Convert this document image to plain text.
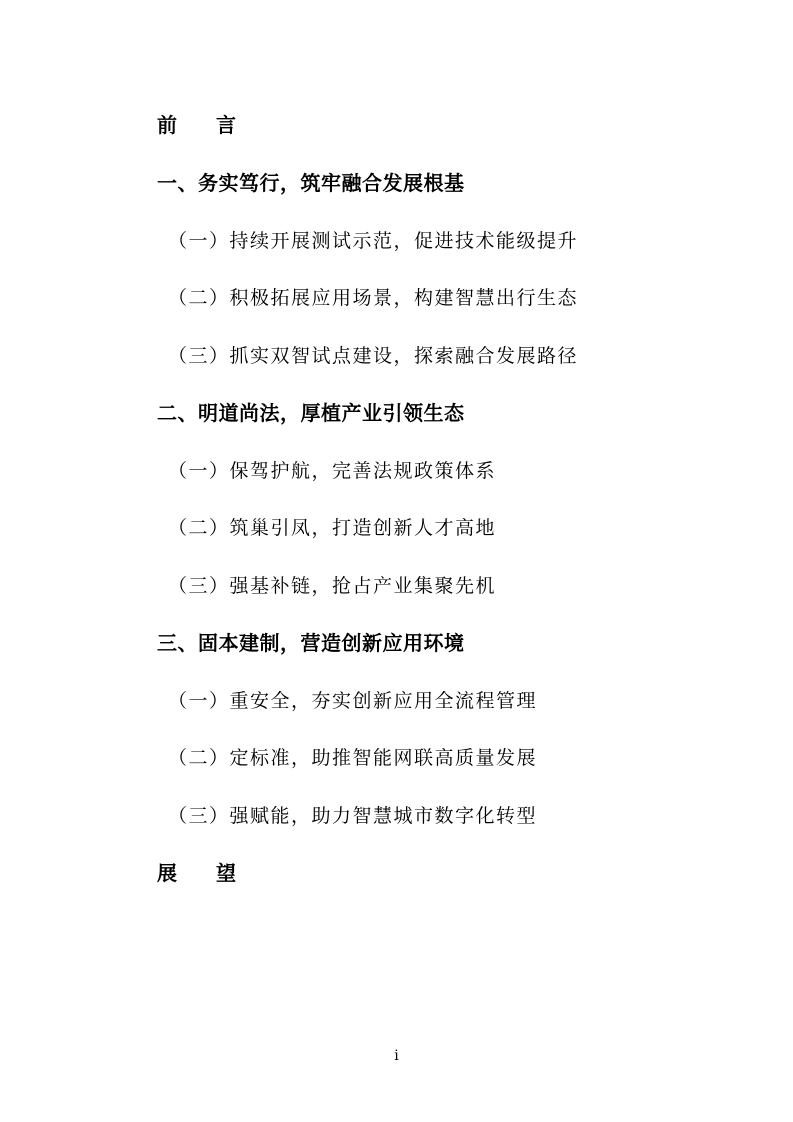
前 言
一、务实笃行，筑牢融合发展根基
（一）持续开展测试示范，促进技术能级提升
（二）积极拓展应用场景，构建智慧出行生态
（三）抓实双智试点建设，探索融合发展路径
二、明道尚法，厚植产业引领生态
（一）保驾护航，完善法规政策体系
（二）筑巢引凤，打造创新人才高地
（三）强基补链，抢占产业集聚先机
三、固本建制，营造创新应用环境
（一）重安全，夯实创新应用全流程管理
（二）定标准，助推智能网联高质量发展
（三）强赋能，助力智慧城市数字化转型
展 望
i
